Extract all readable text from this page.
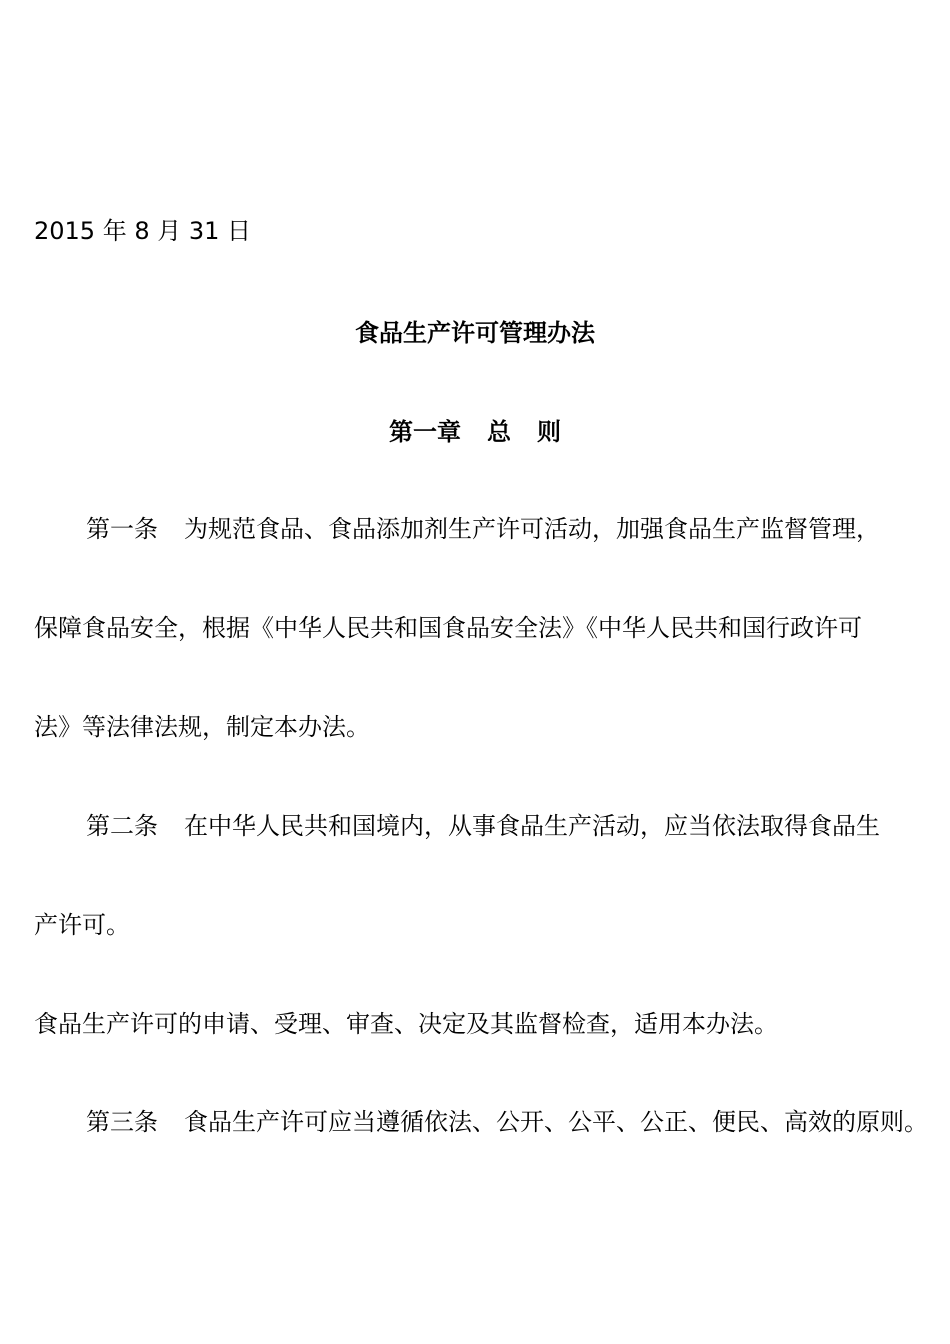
2015 年 8 月 31 日

食品生产许可管理办法

第一章 总 则

第一条 为规范食品、食品添加剂生产许可活动，加强食品生产监督管理，

保障食品安全，根据《中华人民共和国食品安全法》《中华人民共和国行政许可

法》等法律法规，制定本办法。

第二条 在中华人民共和国境内，从事食品生产活动，应当依法取得食品生

产许可。

食品生产许可的申请、受理、审查、决定及其监督检查，适用本办法。

第三条 食品生产许可应当遵循依法、公开、公平、公正、便民、高效的原则。
